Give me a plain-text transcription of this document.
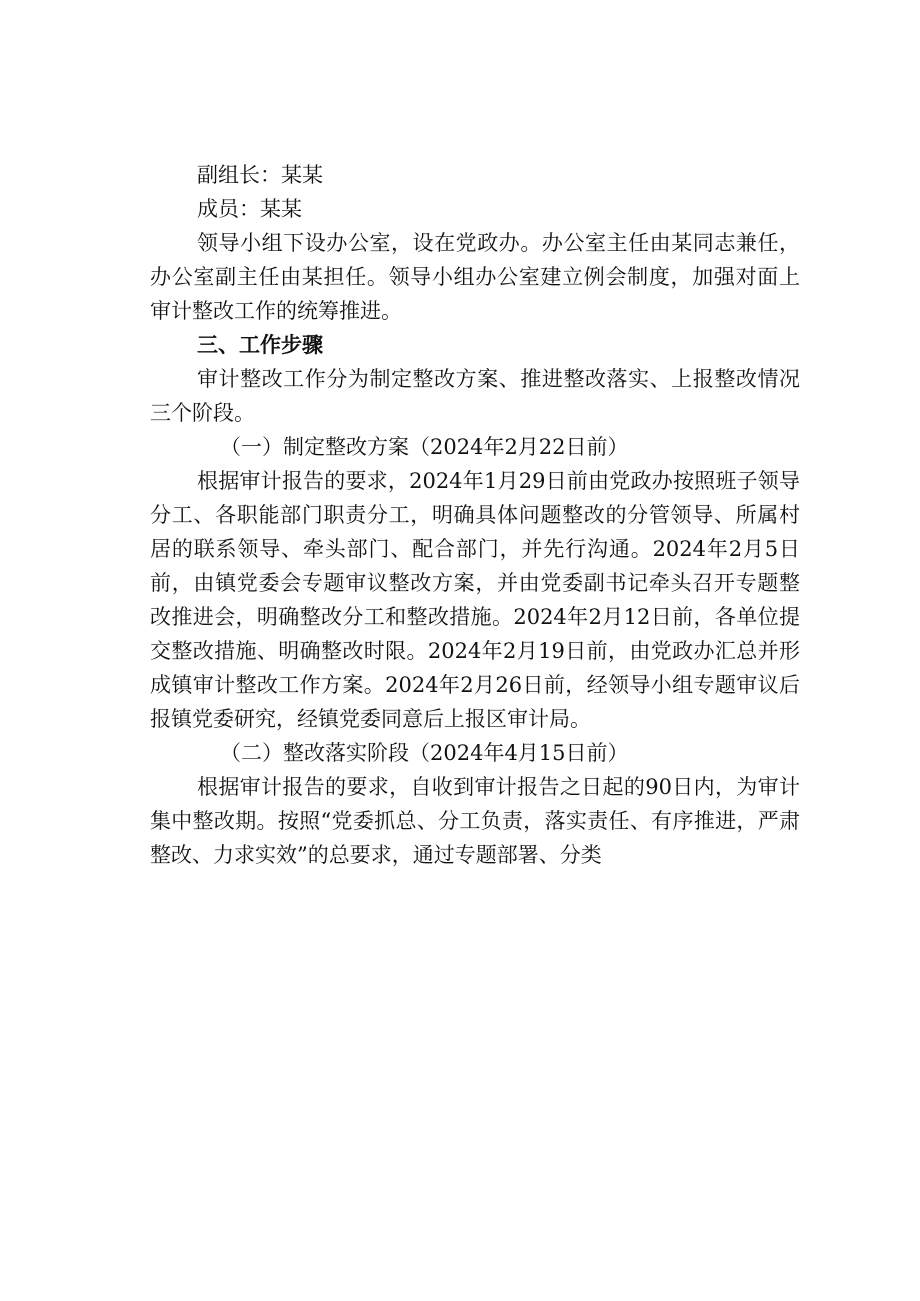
副组长：某某

成员：某某

领导小组下设办公室，设在党政办。办公室主任由某同志兼任，办公室副主任由某担任。领导小组办公室建立例会制度，加强对面上审计整改工作的统筹推进。

三、工作步骤

审计整改工作分为制定整改方案、推进整改落实、上报整改情况三个阶段。

（一）制定整改方案（2024年2月22日前）

根据审计报告的要求，2024年1月29日前由党政办按照班子领导分工、各职能部门职责分工，明确具体问题整改的分管领导、所属村居的联系领导、牵头部门、配合部门，并先行沟通。2024年2月5日前，由镇党委会专题审议整改方案，并由党委副书记牵头召开专题整改推进会，明确整改分工和整改措施。2024年2月12日前，各单位提交整改措施、明确整改时限。2024年2月19日前，由党政办汇总并形成镇审计整改工作方案。2024年2月26日前，经领导小组专题审议后报镇党委研究，经镇党委同意后上报区审计局。

（二）整改落实阶段（2024年4月15日前）

根据审计报告的要求，自收到审计报告之日起的90日内，为审计集中整改期。按照“党委抓总、分工负责，落实责任、有序推进，严肃整改、力求实效”的总要求，通过专题部署、分类
